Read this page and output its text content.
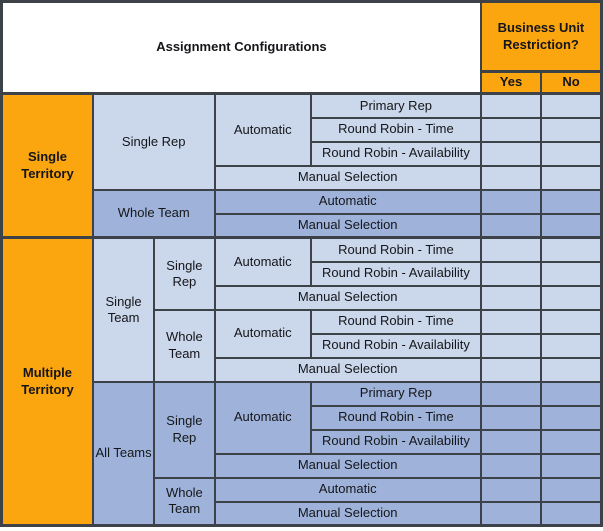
Assignment Configurations					Business Unit Restriction?	
					Yes	No
Single Territory	Single Rep		Automatic	Primary Rep		
				Round Robin - Time		
				Round Robin - Availability		
			Manual Selection			
	Whole Team		Automatic			
			Manual Selection			
Multiple Territory	Single Team	Single Rep	Automatic	Round Robin - Time		
				Round Robin - Availability		
			Manual Selection			
		Whole Team	Automatic	Round Robin - Time		
				Round Robin - Availability		
			Manual Selection			
	All Teams	Single Rep	Automatic	Primary Rep		
				Round Robin - Time		
				Round Robin - Availability		
			Manual Selection			
		Whole Team	Automatic			
			Manual Selection			
